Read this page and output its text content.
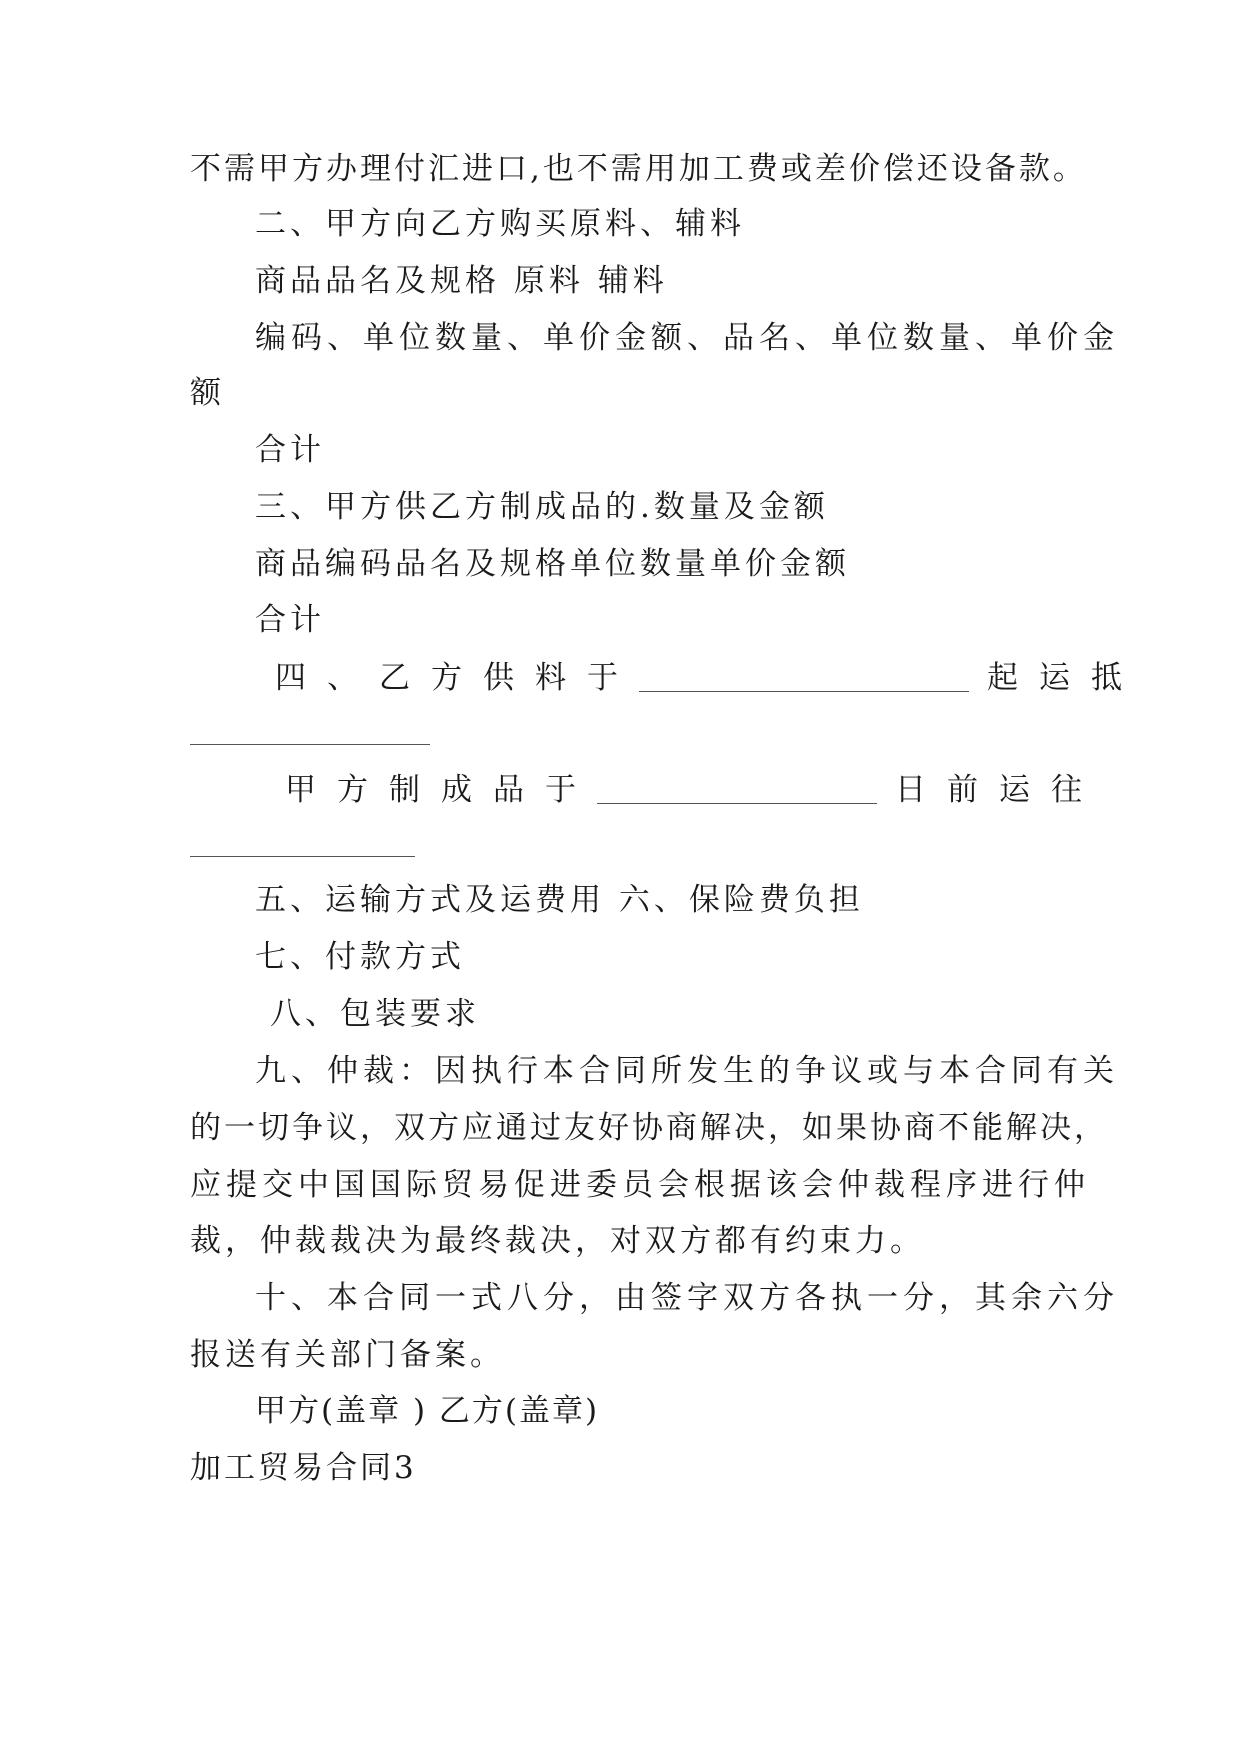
不需甲方办理付汇进口,也不需用加工费或差价偿还设备款。
二、甲方向乙方购买原料、辅料
商品品名及规格 原料 辅料
编码、单位数量、单价金额、品名、单位数量、单价金
额
合计
三、甲方供乙方制成品的.数量及金额
商品编码品名及规格单位数量单价金额
合计
四、乙方供料于	起运抵
甲方制成品于	日前运往
五、运输方式及运费用 六、保险费负担
七、付款方式
八、包装要求
九、仲裁：因执行本合同所发生的争议或与本合同有关
的一切争议，双方应通过友好协商解决，如果协商不能解决，
应提交中国国际贸易促进委员会根据该会仲裁程序进行仲
裁，仲裁裁决为最终裁决，对双方都有约束力。
十、本合同一式八分，由签字双方各执一分，其余六分
报送有关部门备案。
甲方(盖章 ) 乙方(盖章)
加工贸易合同3
